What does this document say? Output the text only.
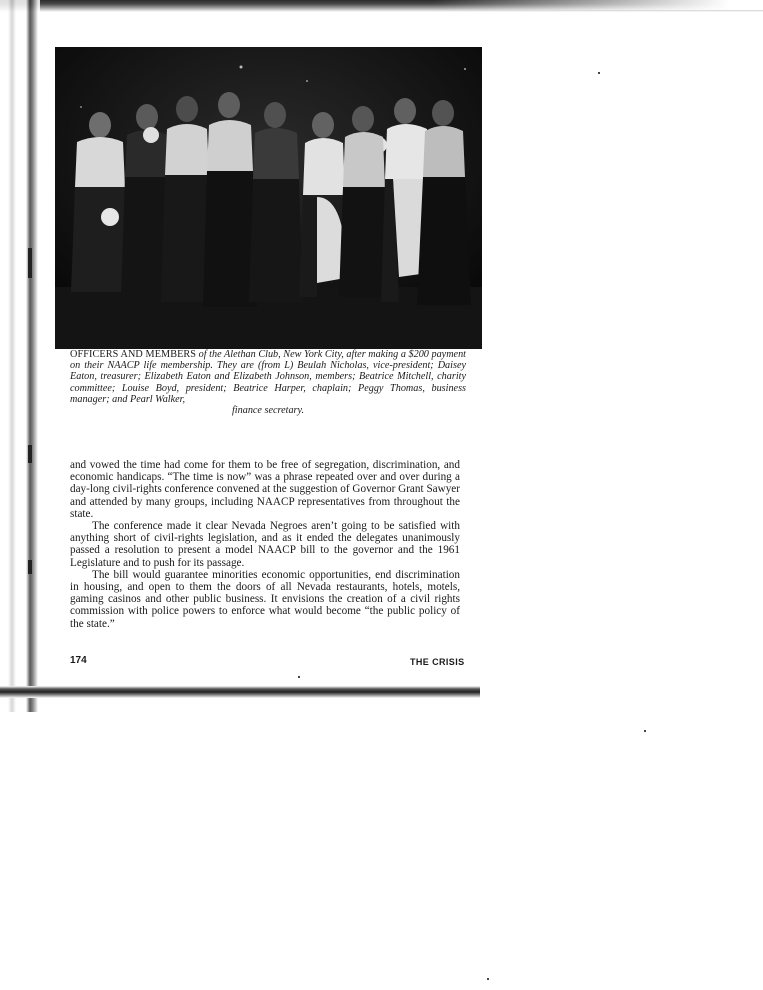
OFFICERS AND MEMBERS of the Alethan Club, New York City, after making a $200 payment on their NAACP life membership. They are (from L) Beulah Nicholas, vice-president; Daisey Eaton, treasurer; Elizabeth Eaton and Elizabeth Johnson, members; Beatrice Mitchell, charity committee; Louise Boyd, president; Beatrice Harper, chaplain; Peggy Thomas, business manager; and Pearl Walker,
finance secretary.

and vowed the time had come for them to be free of segregation, discrimination, and economic handicaps. “The time is now” was a phrase repeated over and over during a day-long civil-rights conference convened at the suggestion of Governor Grant Sawyer and attended by many groups, including NAACP representatives from throughout the state.

The conference made it clear Nevada Negroes aren’t going to be satisfied with anything short of civil-rights legislation, and as it ended the delegates unanimously passed a resolution to present a model NAACP bill to the governor and the 1961 Legislature and to push for its passage.

The bill would guarantee minorities economic opportunities, end discrimination in housing, and open to them the doors of all Nevada restaurants, hotels, motels, gaming casinos and other public business. It envisions the creation of a civil rights commission with police powers to enforce what would become “the public policy of the state.”

174	THE CRISIS
